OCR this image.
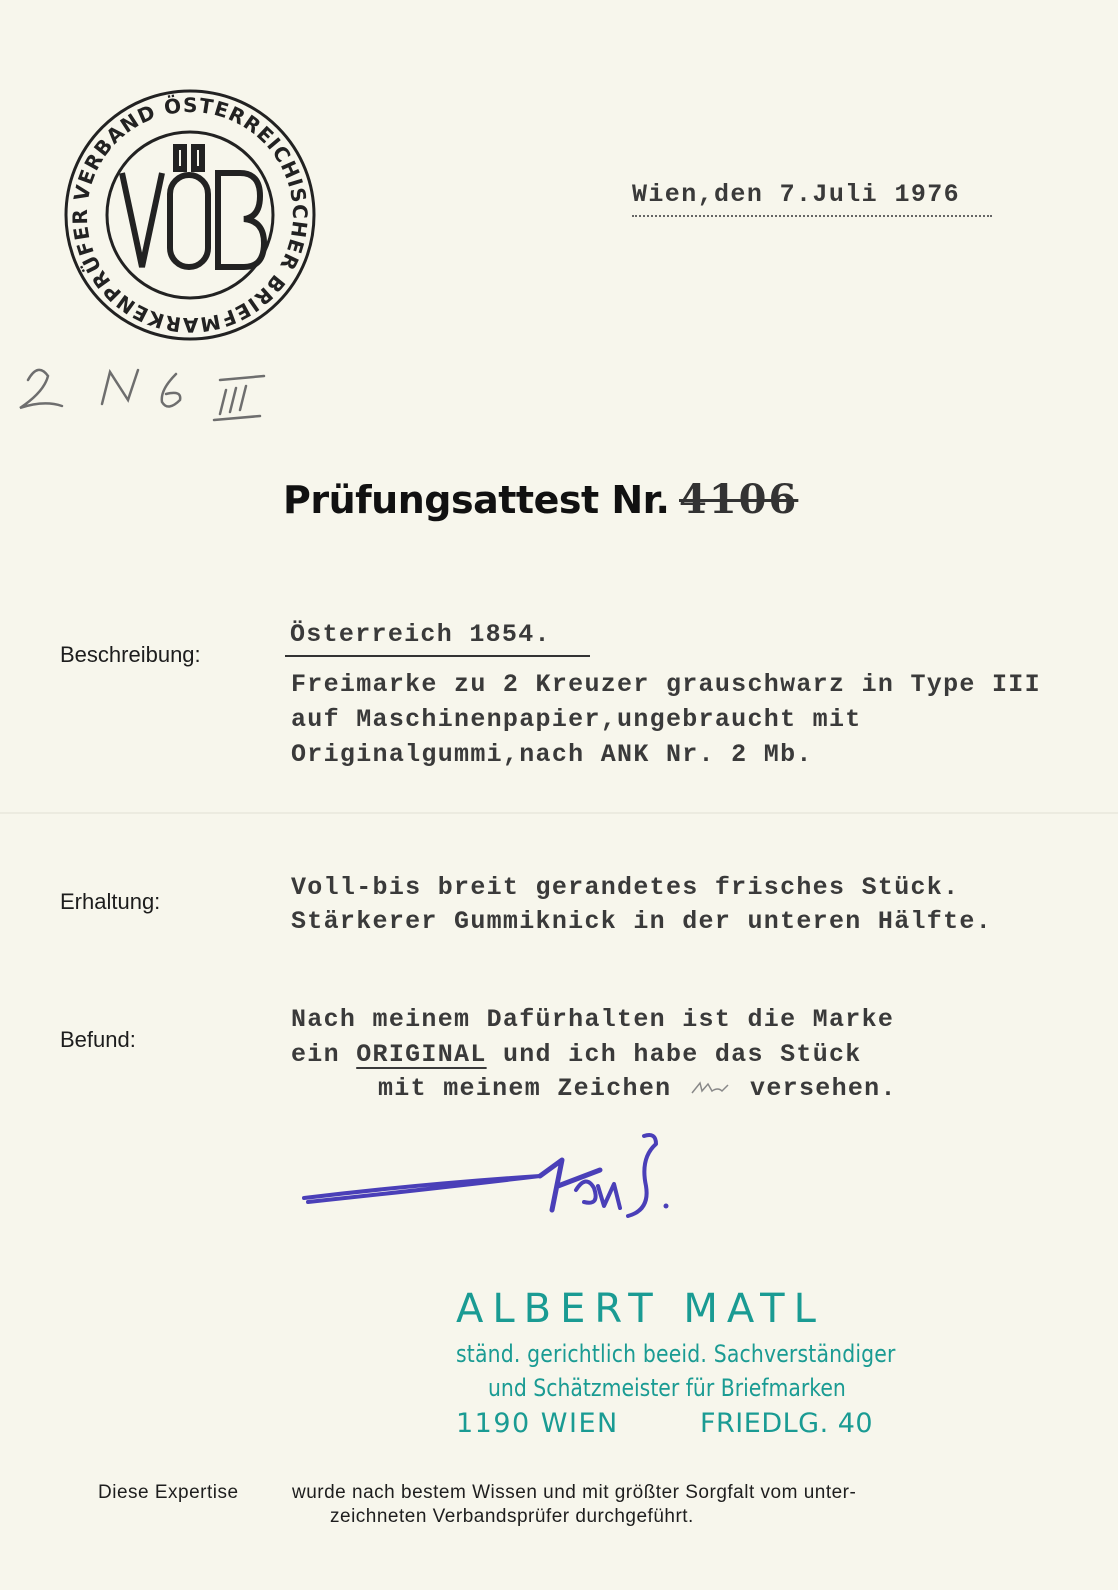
VERBAND ÖSTERREICHISCHER BRIEFMARKENPRÜFER
Wien,den 7.Juli 1976
Prüfungsattest Nr. 4106
Beschreibung:
Österreich 1854.
Freimarke zu 2 Kreuzer grauschwarz in Type III
auf Maschinenpapier,ungebraucht mit
Originalgummi,nach ANK Nr. 2 Mb.
Erhaltung:	Voll-bis breit gerandetes frisches Stück.
Stärkerer Gummiknick in der unteren Hälfte.
Befund:
Nach meinem Dafürhalten ist die Marke
ein ORIGINAL und ich habe das Stück
mit meinem Zeichen  versehen.
ALBERT MATL
ständ. gerichtlich beeid. Sachverständiger
und Schätzmeister für Briefmarken
1190 WIEN	FRIEDLG. 40
Diese Expertise	wurde nach bestem Wissen und mit größter Sorgfalt vom unter-
zeichneten Verbandsprüfer durchgeführt.
